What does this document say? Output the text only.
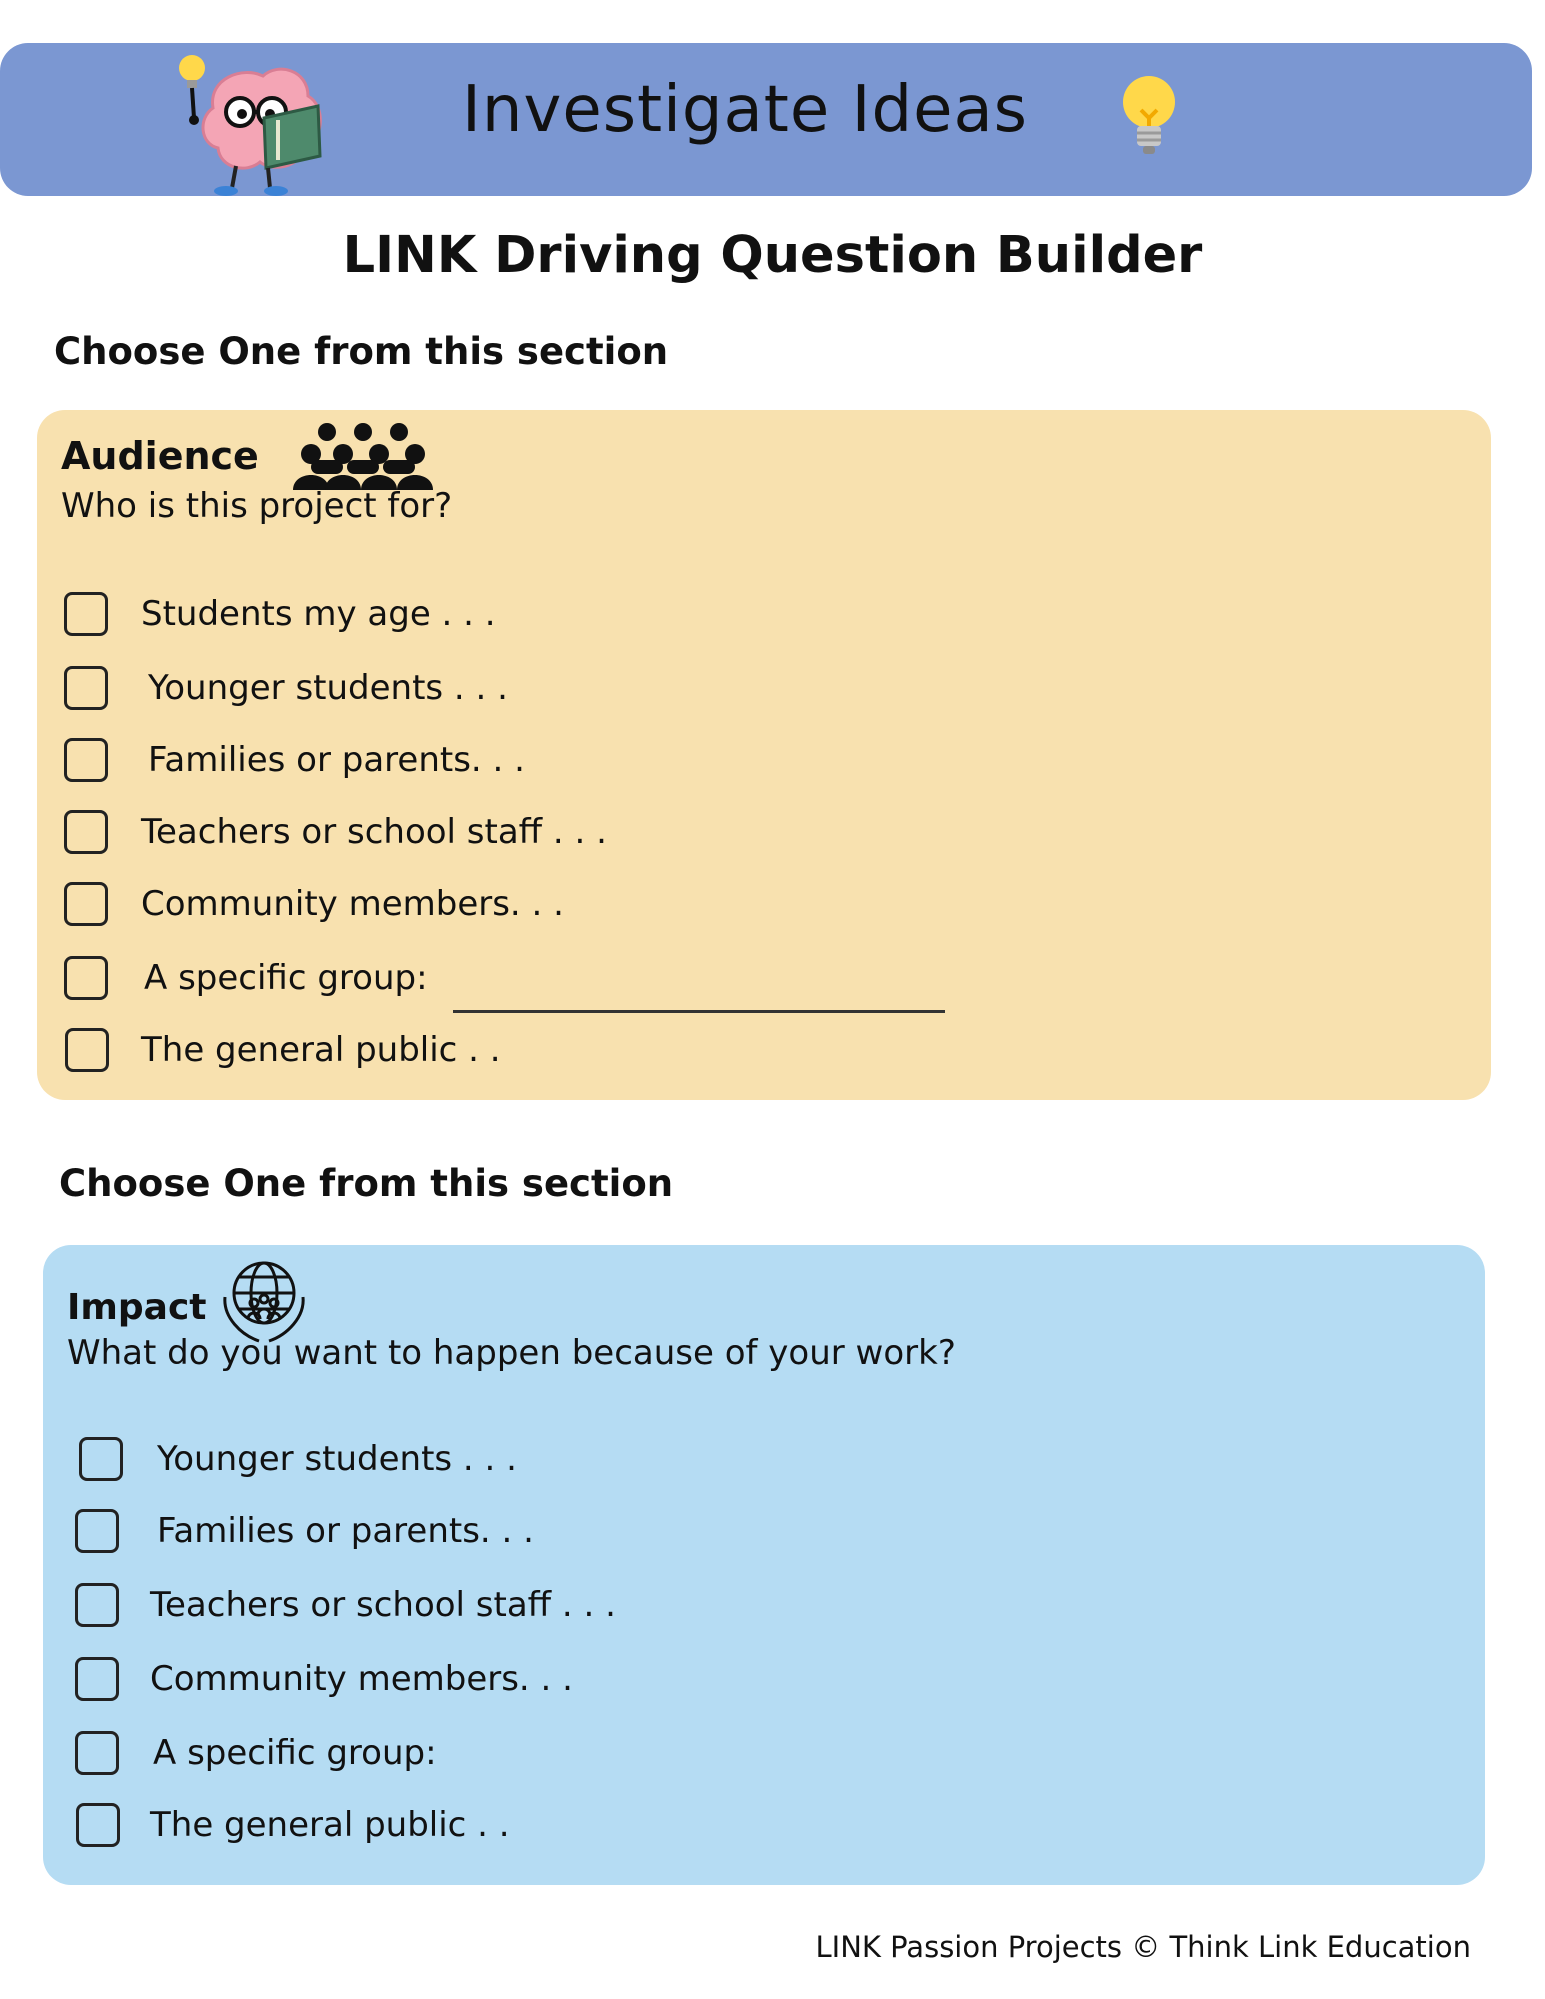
Investigate Ideas
LINK Driving Question Builder
Choose One from this section
Audience
Who is this project for?
Students my age . . .
Younger students . . .
Families or parents. . .
Teachers or school staff . . .
Community members. . .
A specific group:
The general public . .
Choose One from this section
Impact
What do you want to happen because of your work?
Younger students . . .
Families or parents. . .
Teachers or school staff . . .
Community members. . .
A specific group:
The general public . .
LINK Passion Projects © Think Link Education
